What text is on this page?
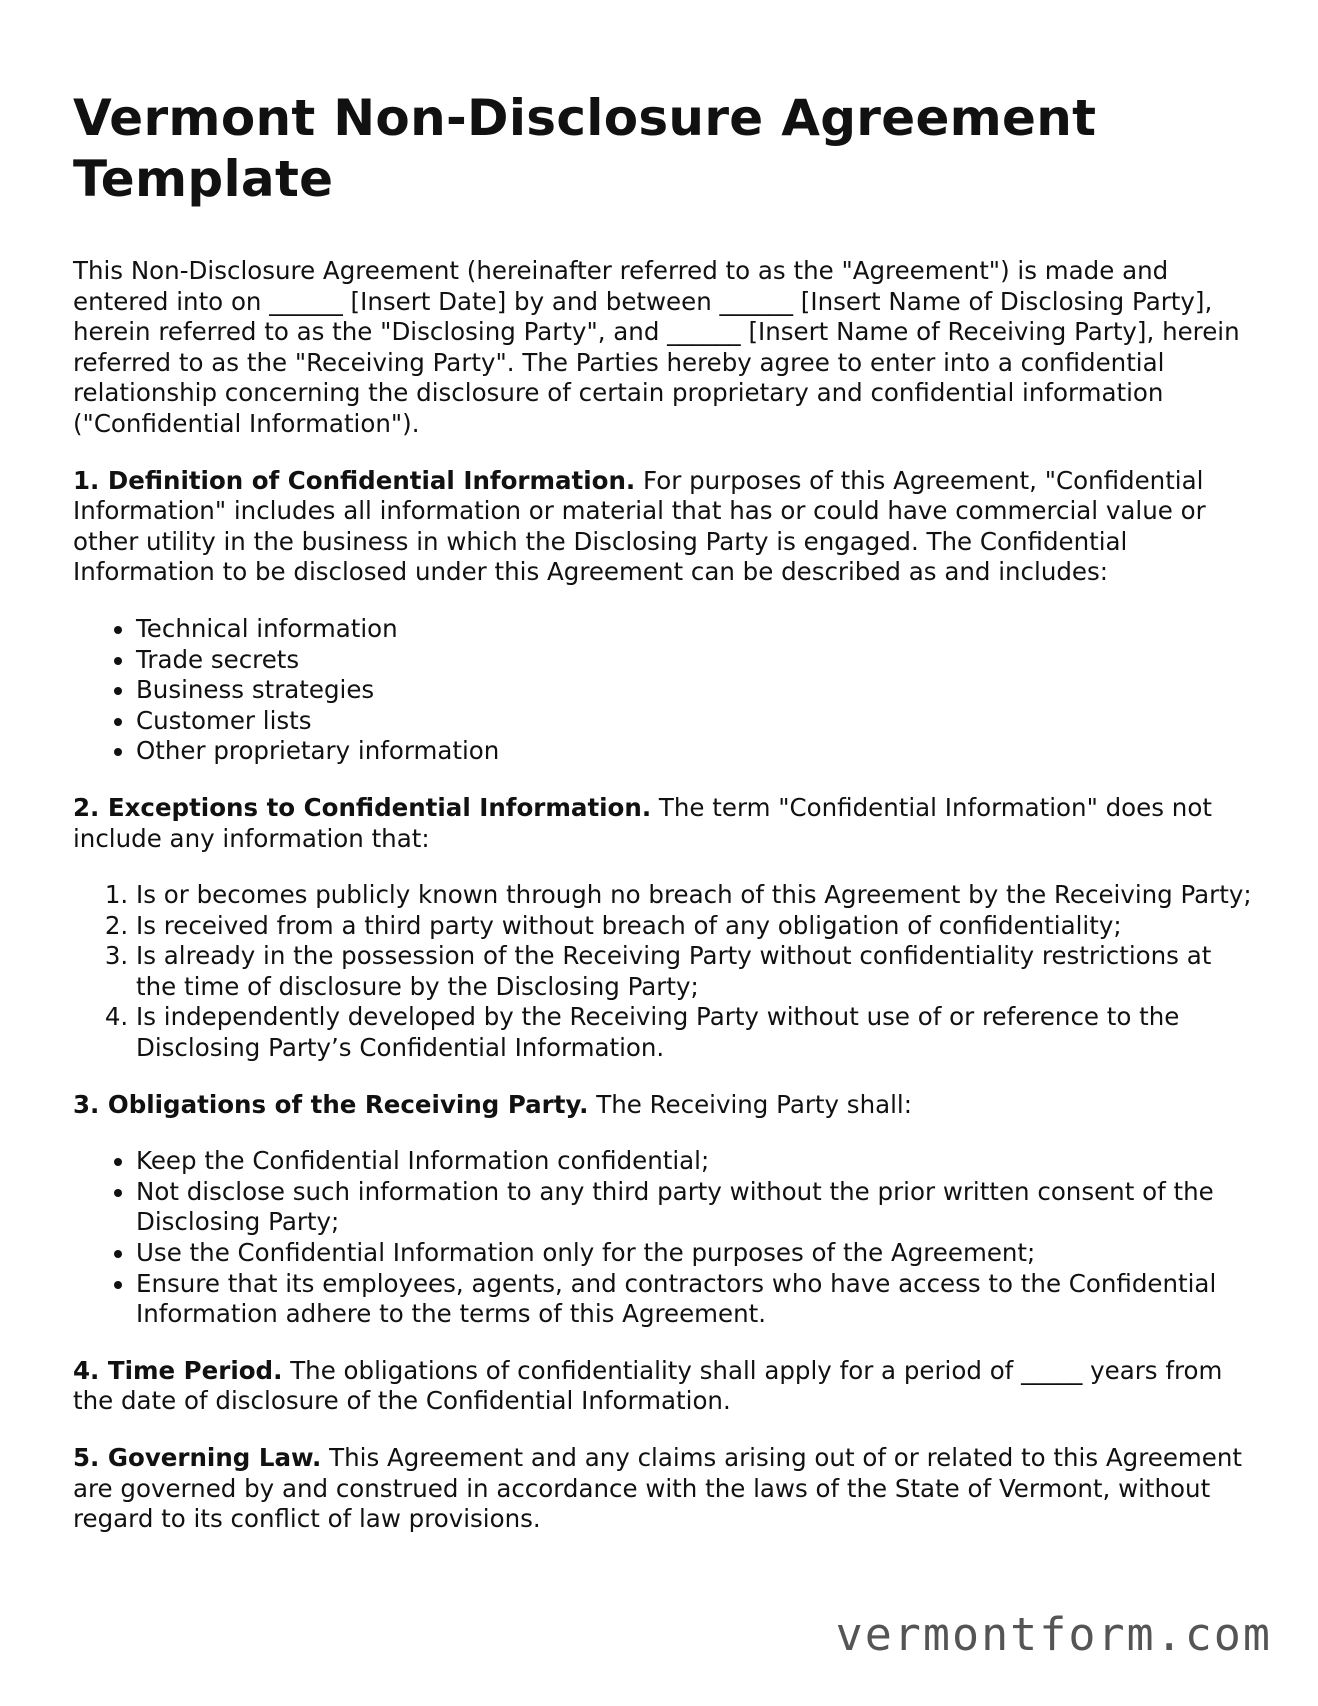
Vermont Non-Disclosure Agreement Template

This Non-Disclosure Agreement (hereinafter referred to as the "Agreement") is made and entered into on ______ [Insert Date] by and between ______ [Insert Name of Disclosing Party], herein referred to as the "Disclosing Party", and ______ [Insert Name of Receiving Party], herein referred to as the "Receiving Party". The Parties hereby agree to enter into a confidential relationship concerning the disclosure of certain proprietary and confidential information ("Confidential Information").

1. Definition of Confidential Information. For purposes of this Agreement, "Confidential Information" includes all information or material that has or could have commercial value or other utility in the business in which the Disclosing Party is engaged. The Confidential Information to be disclosed under this Agreement can be described as and includes:

• Technical information
• Trade secrets
• Business strategies
• Customer lists
• Other proprietary information

2. Exceptions to Confidential Information. The term "Confidential Information" does not include any information that:

1. Is or becomes publicly known through no breach of this Agreement by the Receiving Party;
2. Is received from a third party without breach of any obligation of confidentiality;
3. Is already in the possession of the Receiving Party without confidentiality restrictions at the time of disclosure by the Disclosing Party;
4. Is independently developed by the Receiving Party without use of or reference to the Disclosing Party’s Confidential Information.

3. Obligations of the Receiving Party. The Receiving Party shall:

• Keep the Confidential Information confidential;
• Not disclose such information to any third party without the prior written consent of the Disclosing Party;
• Use the Confidential Information only for the purposes of the Agreement;
• Ensure that its employees, agents, and contractors who have access to the Confidential Information adhere to the terms of this Agreement.

4. Time Period. The obligations of confidentiality shall apply for a period of _____ years from the date of disclosure of the Confidential Information.

5. Governing Law. This Agreement and any claims arising out of or related to this Agreement are governed by and construed in accordance with the laws of the State of Vermont, without regard to its conflict of law provisions.

vermontform.com
